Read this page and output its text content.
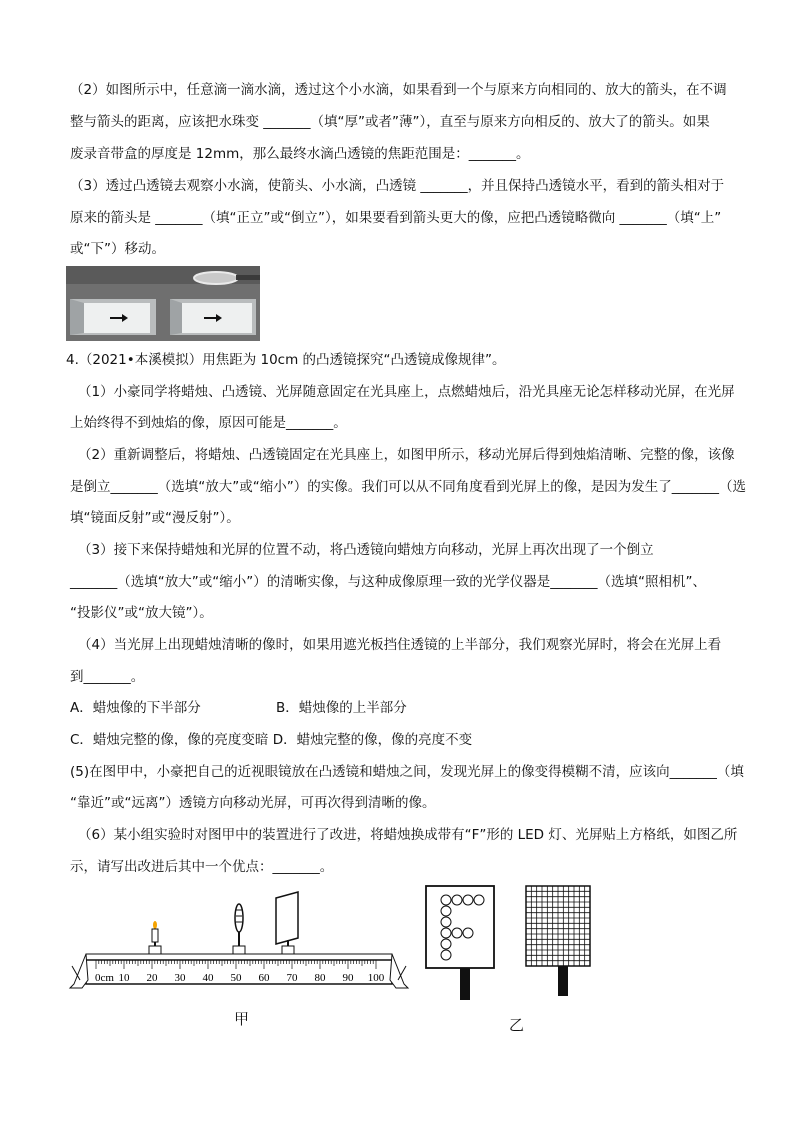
（2）如图所示中，任意滴一滴水滴，透过这个小水滴，如果看到一个与原来方向相同的、放大的箭头，在不调
整与箭头的距离，应该把水珠变 _______（填“厚”或者”薄”），直至与原来方向相反的、放大了的箭头。如果
废录音带盒的厚度是 12mm，那么最终水滴凸透镜的焦距范围是：_______。
（3）透过凸透镜去观察小水滴，使箭头、小水滴，凸透镜 _______，并且保持凸透镜水平，看到的箭头相对于
原来的箭头是 _______（填“正立”或“倒立”），如果要看到箭头更大的像，应把凸透镜略微向 _______（填“上”
或“下”）移动。
4.（2021•本溪模拟）用焦距为 10cm 的凸透镜探究“凸透镜成像规律”。
（1）小豪同学将蜡烛、凸透镜、光屏随意固定在光具座上，点燃蜡烛后，沿光具座无论怎样移动光屏，在光屏
上始终得不到烛焰的像，原因可能是_______。
（2）重新调整后，将蜡烛、凸透镜固定在光具座上，如图甲所示，移动光屏后得到烛焰清晰、完整的像，该像
是倒立_______（选填“放大”或“缩小”）的实像。我们可以从不同角度看到光屏上的像，是因为发生了_______（选
填“镜面反射”或“漫反射”）。
（3）接下来保持蜡烛和光屏的位置不动，将凸透镜向蜡烛方向移动，光屏上再次出现了一个倒立
_______（选填“放大”或“缩小”）的清晰实像，与这种成像原理一致的光学仪器是_______（选填“照相机”、
“投影仪”或“放大镜”）。
（4）当光屏上出现蜡烛清晰的像时，如果用遮光板挡住透镜的上半部分，我们观察光屏时，将会在光屏上看
到_______。
A．蜡烛像的下半部分	B．蜡烛像的上半部分
C．蜡烛完整的像，像的亮度变暗 D．蜡烛完整的像，像的亮度不变
(5)在图甲中，小豪把自己的近视眼镜放在凸透镜和蜡烛之间，发现光屏上的像变得模糊不清，应该向_______（填
“靠近”或“远离”）透镜方向移动光屏，可再次得到清晰的像。
（6）某小组实验时对图甲中的装置进行了改进，将蜡烛换成带有“F”形的 LED 灯、光屏贴上方格纸，如图乙所
示，请写出改进后其中一个优点：_______。
0cm 10 20 30 40 50 60 70 80 90 100
甲	乙
